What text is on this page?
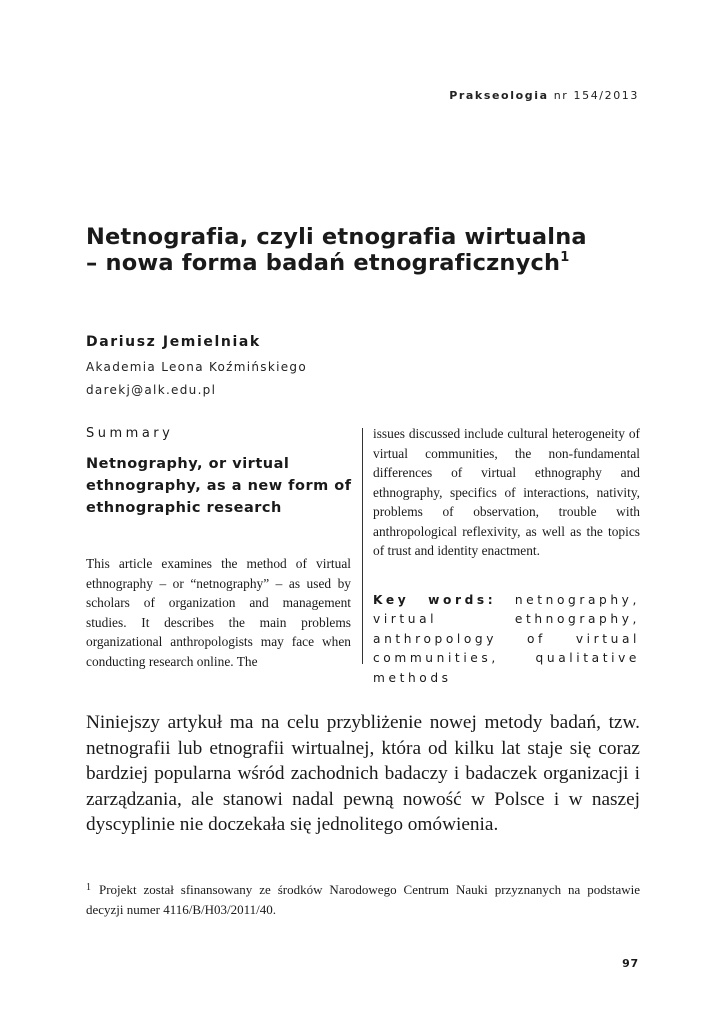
Prakseologia nr 154/2013
Netnografia, czyli etnografia wirtualna – nowa forma badań etnograficznych$^1$
Dariusz Jemielniak
Akademia Leona Koźmińskiego
darekj@alk.edu.pl
Summary
Netnography, or virtual ethnography, as a new form of ethnographic research

This article examines the method of virtual ethnography – or “netnography” – as used by scholars of organization and management studies. It describes the main problems organizational anthropologists may face when conducting research online. The

issues discussed include cultural heterogeneity of virtual communities, the non-fundamental differences of virtual ethnography and ethnography, specifics of interactions, nativity, problems of observation, trouble with anthropological reflexivity, as well as the topics of trust and identity enactment.

Key words: netnography, virtual ethnography, anthropology of virtual communities, qualitative methods

Niniejszy artykuł ma na celu przybliżenie nowej metody badań, tzw. netnografii lub etnografii wirtualnej, która od kilku lat staje się coraz bardziej popularna wśród zachodnich badaczy i badaczek organizacji i zarządzania, ale stanowi nadal pewną nowość w Polsce i w naszej dyscyplinie nie doczekała się jednolitego omówienia.

$^1$ Projekt został sfinansowany ze środków Narodowego Centrum Nauki przyznanych na podstawie decyzji numer 4116/B/H03/2011/40.

97
